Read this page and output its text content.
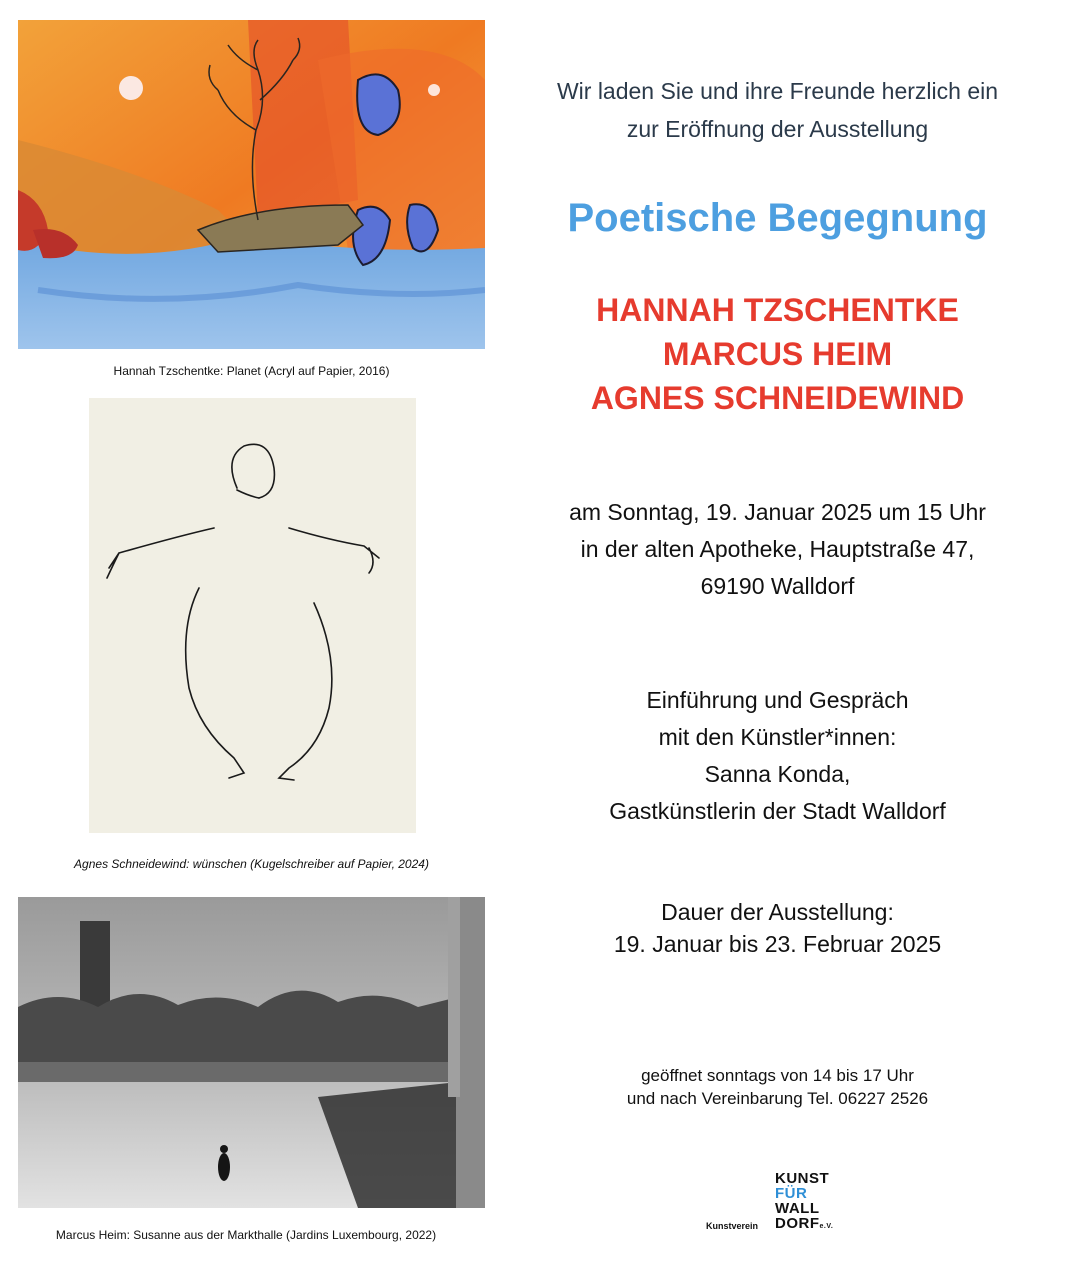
Hannah Tzschentke: Planet (Acryl auf Papier, 2016)
Agnes Schneidewind: wünschen (Kugelschreiber auf Papier, 2024)
Marcus Heim: Susanne aus der Markthalle (Jardins Luxembourg, 2022)
Wir laden Sie und ihre Freunde herzlich ein
zur Eröffnung der Ausstellung
Poetische Begegnung
HANNAH TZSCHENTKE
MARCUS HEIM
AGNES SCHNEIDEWIND
am Sonntag, 19. Januar 2025 um 15 Uhr
in der alten Apotheke, Hauptstraße 47,
69190 Walldorf
Einführung und Gespräch
mit den Künstler*innen:
Sanna Konda,
Gastkünstlerin der Stadt Walldorf
Dauer der Ausstellung:
19. Januar bis 23. Februar 2025
geöffnet sonntags von 14 bis 17 Uhr
und nach Vereinbarung Tel. 06227 2526
Kunstverein
KUNST
FÜR
WALL
DORFe.V.
